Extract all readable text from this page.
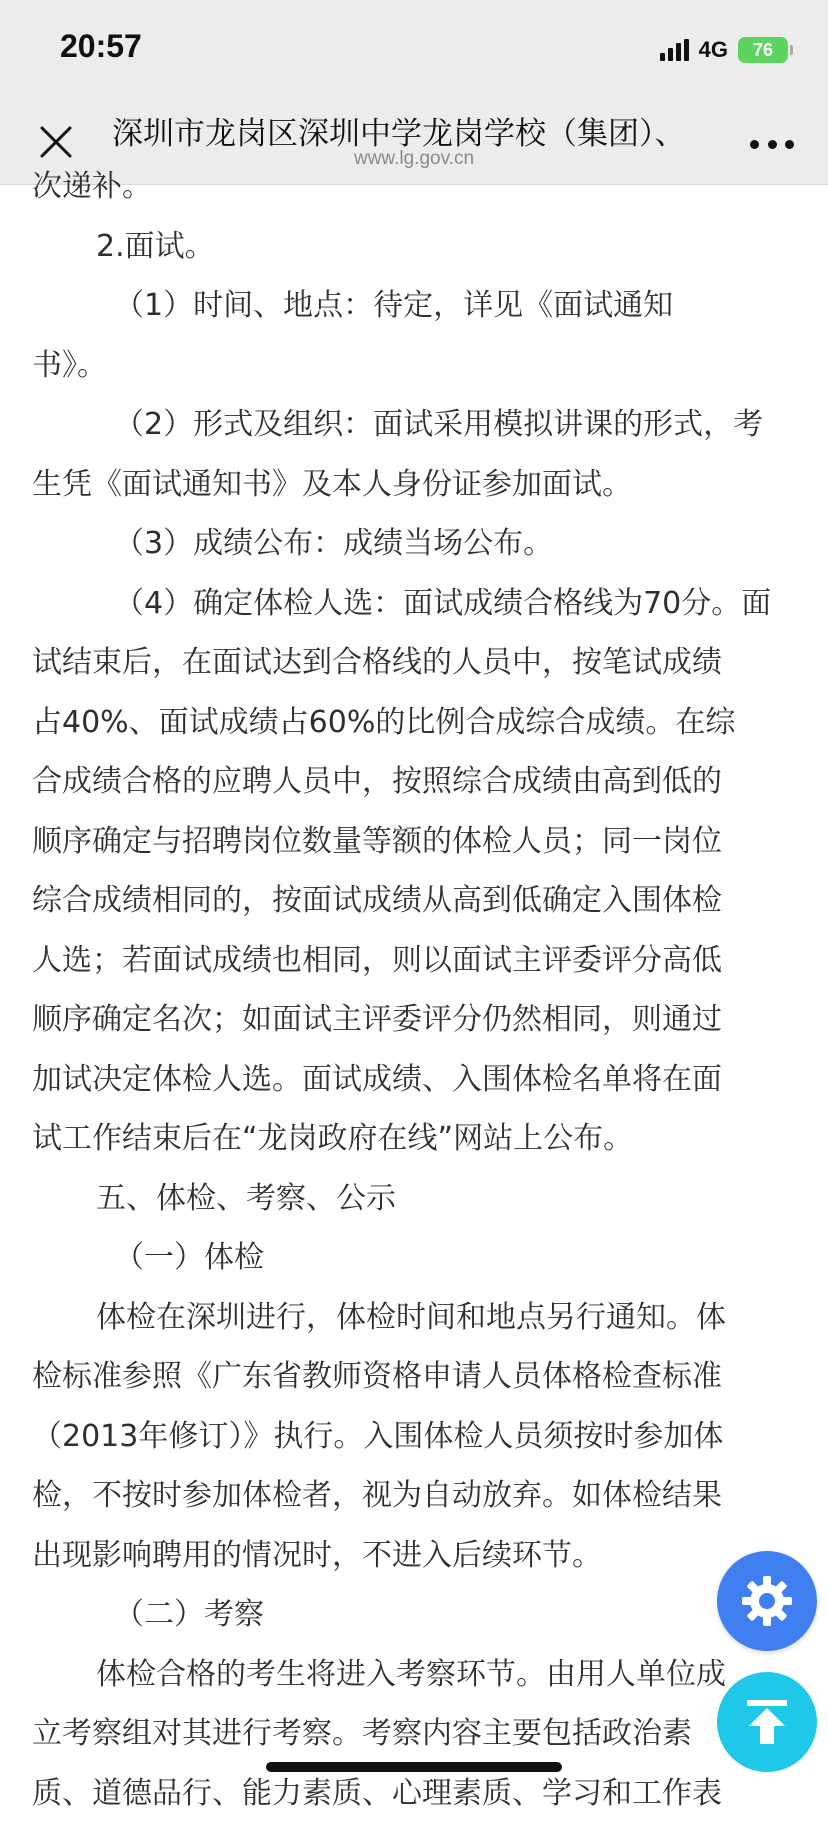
20:57	4G 76
深圳市龙岗区深圳中学龙岗学校（集团）、
www.lg.gov.cn
次递补。
2.面试。
（1）时间、地点：待定，详见《面试通知
书》。
（2）形式及组织：面试采用模拟讲课的形式，考
生凭《面试通知书》及本人身份证参加面试。
（3）成绩公布：成绩当场公布。
（4）确定体检人选：面试成绩合格线为70分。面
试结束后，在面试达到合格线的人员中，按笔试成绩
占40%、面试成绩占60%的比例合成综合成绩。在综
合成绩合格的应聘人员中，按照综合成绩由高到低的
顺序确定与招聘岗位数量等额的体检人员；同一岗位
综合成绩相同的，按面试成绩从高到低确定入围体检
人选；若面试成绩也相同，则以面试主评委评分高低
顺序确定名次；如面试主评委评分仍然相同，则通过
加试决定体检人选。面试成绩、入围体检名单将在面
试工作结束后在“龙岗政府在线”网站上公布。
五、体检、考察、公示
（一）体检
体检在深圳进行，体检时间和地点另行通知。体
检标准参照《广东省教师资格申请人员体格检查标准
（2013年修订）》执行。入围体检人员须按时参加体
检，不按时参加体检者，视为自动放弃。如体检结果
出现影响聘用的情况时，不进入后续环节。
（二）考察
体检合格的考生将进入考察环节。由用人单位成
立考察组对其进行考察。考察内容主要包括政治素
质、道德品行、能力素质、心理素质、学习和工作表
